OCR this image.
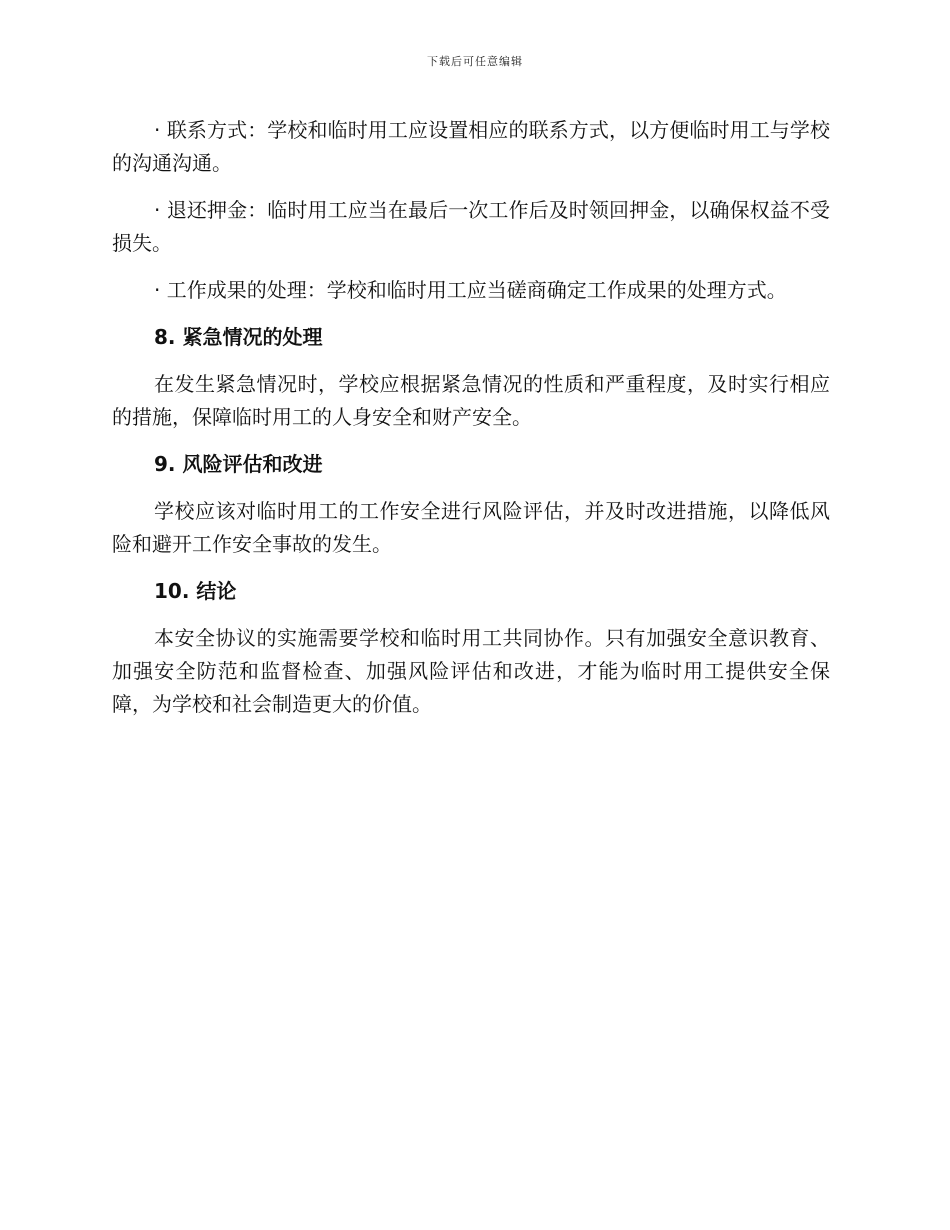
下载后可任意编辑

· 联系方式：学校和临时用工应设置相应的联系方式，以方便临时用工与学校的沟通沟通。

· 退还押金：临时用工应当在最后一次工作后及时领回押金，以确保权益不受损失。

· 工作成果的处理：学校和临时用工应当磋商确定工作成果的处理方式。

8. 紧急情况的处理

在发生紧急情况时，学校应根据紧急情况的性质和严重程度，及时实行相应的措施，保障临时用工的人身安全和财产安全。

9. 风险评估和改进

学校应该对临时用工的工作安全进行风险评估，并及时改进措施，以降低风险和避开工作安全事故的发生。

10. 结论

本安全协议的实施需要学校和临时用工共同协作。只有加强安全意识教育、加强安全防范和监督检查、加强风险评估和改进，才能为临时用工提供安全保障，为学校和社会制造更大的价值。
